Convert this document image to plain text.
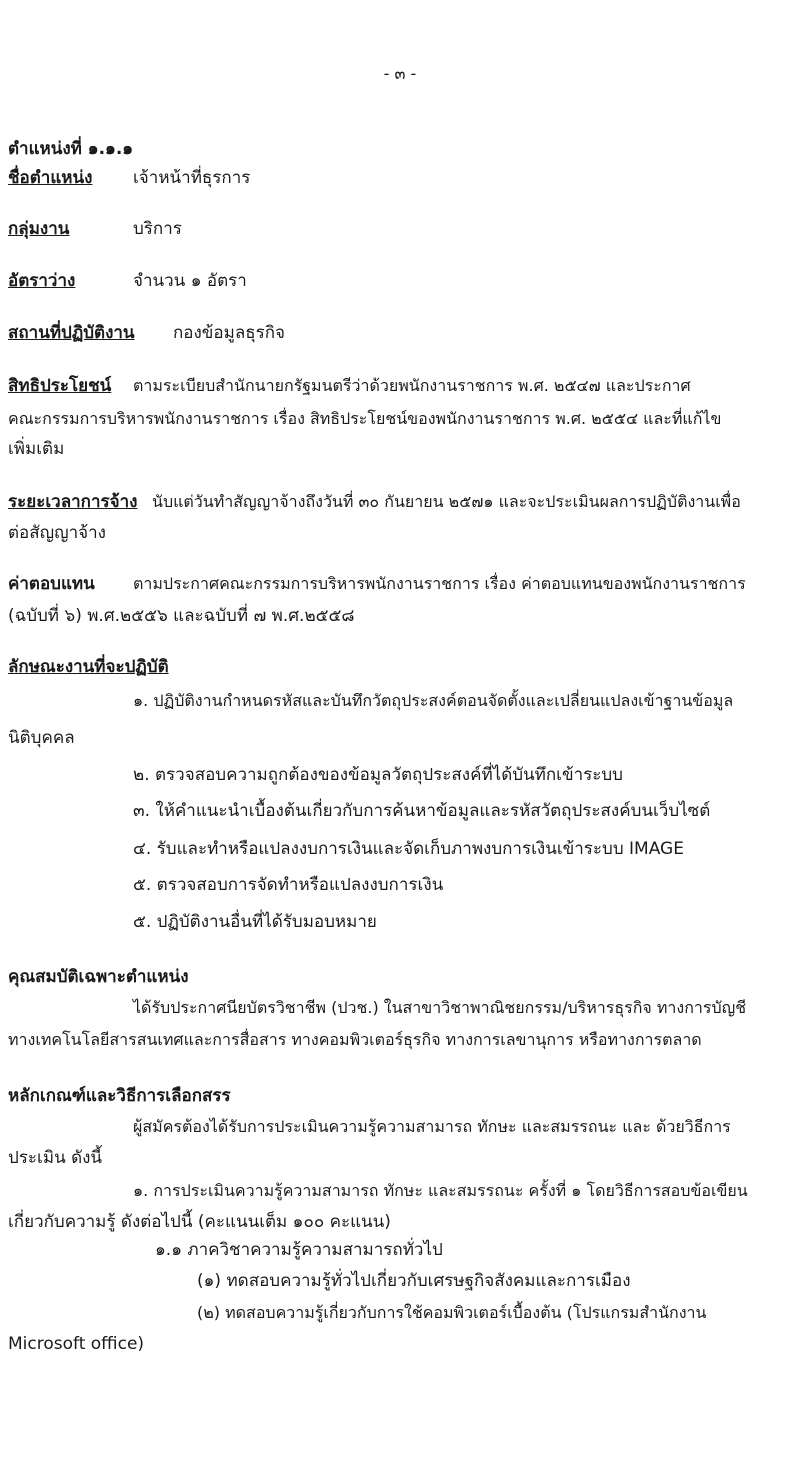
- ๓ -
ตำแหน่งที่ ๑.๑.๑
ชื่อตำแหน่ง เจ้าหน้าที่ธุรการ
กลุ่มงาน	บริการ
อัตราว่าง	จำนวน ๑ อัตรา
สถานที่ปฏิบัติงาน กองข้อมูลธุรกิจ
สิทธิประโยชน์ ตามระเบียบสำนักนายกรัฐมนตรีว่าด้วยพนักงานราชการ พ.ศ. ๒๕๔๗ และประกาศ
คณะกรรมการบริหารพนักงานราชการ เรื่อง สิทธิประโยชน์ของพนักงานราชการ พ.ศ. ๒๕๕๔ และที่แก้ไข
เพิ่มเติม
ระยะเวลาการจ้าง นับแต่วันทำสัญญาจ้างถึงวันที่ ๓๐ กันยายน ๒๕๗๑ และจะประเมินผลการปฏิบัติงานเพื่อ
ต่อสัญญาจ้าง
ค่าตอบแทน ตามประกาศคณะกรรมการบริหารพนักงานราชการ เรื่อง ค่าตอบแทนของพนักงานราชการ
(ฉบับที่ ๖) พ.ศ.๒๕๕๖ และฉบับที่ ๗ พ.ศ.๒๕๕๘
ลักษณะงานที่จะปฏิบัติ
๑. ปฏิบัติงานกำหนดรหัสและบันทึกวัตถุประสงค์ตอนจัดตั้งและเปลี่ยนแปลงเข้าฐานข้อมูล
นิติบุคคล
๒. ตรวจสอบความถูกต้องของข้อมูลวัตถุประสงค์ที่ได้บันทึกเข้าระบบ
๓. ให้คำแนะนำเบื้องต้นเกี่ยวกับการค้นหาข้อมูลและรหัสวัตถุประสงค์บนเว็บไซต์
๔. รับและทำหรือแปลงงบการเงินและจัดเก็บภาพงบการเงินเข้าระบบ IMAGE
๕. ตรวจสอบการจัดทำหรือแปลงงบการเงิน
๕. ปฏิบัติงานอื่นที่ได้รับมอบหมาย
คุณสมบัติเฉพาะตำแหน่ง
ได้รับประกาศนียบัตรวิชาชีพ (ปวช.) ในสาขาวิชาพาณิชยกรรม/บริหารธุรกิจ ทางการบัญชี
ทางเทคโนโลยีสารสนเทศและการสื่อสาร ทางคอมพิวเตอร์ธุรกิจ ทางการเลขานุการ หรือทางการตลาด
หลักเกณฑ์และวิธีการเลือกสรร
ผู้สมัครต้องได้รับการประเมินความรู้ความสามารถ ทักษะ และสมรรถนะ และ ด้วยวิธีการ
ประเมิน ดังนี้
๑. การประเมินความรู้ความสามารถ ทักษะ และสมรรถนะ ครั้งที่ ๑ โดยวิธีการสอบข้อเขียน
เกี่ยวกับความรู้ ดังต่อไปนี้ (คะแนนเต็ม ๑๐๐ คะแนน)
๑.๑ ภาควิชาความรู้ความสามารถทั่วไป
(๑) ทดสอบความรู้ทั่วไปเกี่ยวกับเศรษฐกิจสังคมและการเมือง
(๒) ทดสอบความรู้เกี่ยวกับการใช้คอมพิวเตอร์เบื้องต้น (โปรแกรมสำนักงาน
Microsoft office)
